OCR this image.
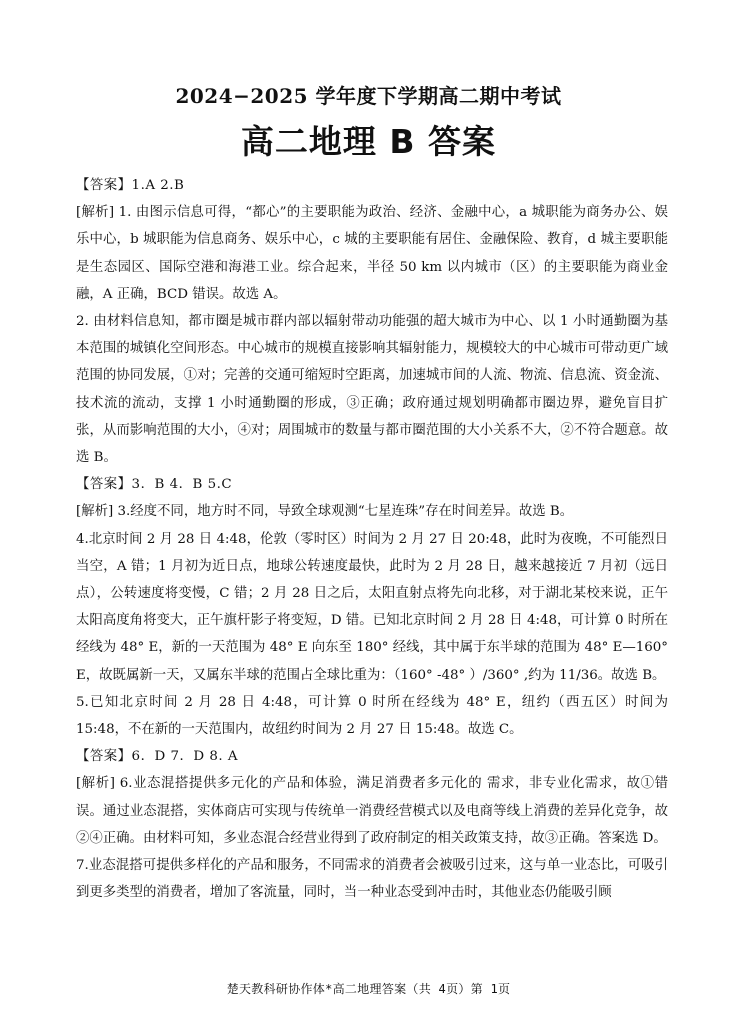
2024−2025 学年度下学期高二期中考试
高二地理 B 答案

【答案】1.A 2.B

[解析] 1. 由图示信息可得，“都心”的主要职能为政治、经济、金融中心，a 城职能为商务办公、娱乐中心，b 城职能为信息商务、娱乐中心，c 城的主要职能有居住、金融保险、教育，d 城主要职能是生态园区、国际空港和海港工业。综合起来，半径 50 km 以内城市（区）的主要职能为商业金融，A 正确，BCD 错误。故选 A。

2. 由材料信息知，都市圈是城市群内部以辐射带动功能强的超大城市为中心、以 1 小时通勤圈为基本范围的城镇化空间形态。中心城市的规模直接影响其辐射能力，规模较大的中心城市可带动更广域范围的协同发展，①对；完善的交通可缩短时空距离，加速城市间的人流、物流、信息流、资金流、技术流的流动，支撑 1 小时通勤圈的形成，③正确；政府通过规划明确都市圈边界，避免盲目扩张，从而影响范围的大小，④对；周围城市的数量与都市圈范围的大小关系不大，②不符合题意。故选 B。

【答案】3．B 4．B 5.C

[解析] 3.经度不同，地方时不同，导致全球观测“七星连珠”存在时间差异。故选 B。

4.北京时间 2 月 28 日 4:48，伦敦（零时区）时间为 2 月 27 日 20:48，此时为夜晚，不可能烈日当空，A 错；1 月初为近日点，地球公转速度最快，此时为 2 月 28 日，越来越接近 7 月初（远日点），公转速度将变慢，C 错；2 月 28 日之后，太阳直射点将先向北移，对于湖北某校来说，正午太阳高度角将变大，正午旗杆影子将变短，D 错。已知北京时间 2 月 28 日 4:48，可计算 0 时所在经线为 48° E，新的一天范围为 48° E 向东至 180° 经线，其中属于东半球的范围为 48° E—160° E，故既属新一天，又属东半球的范围占全球比重为：（160° -48° ）/360° ,约为 11/36。故选 B。

5.已知北京时间 2 月 28 日 4:48，可计算 0 时所在经线为 48° E，纽约（西五区）时间为 15:48，不在新的一天范围内，故纽约时间为 2 月 27 日 15:48。故选 C。

【答案】6．D 7．D 8. A

[解析] 6.业态混搭提供多元化的产品和体验，满足消费者多元化的 需求，非专业化需求，故①错误。通过业态混搭，实体商店可实现与传统单一消费经营模式以及电商等线上消费的差异化竞争，故②④正确。由材料可知，多业态混合经营业得到了政府制定的相关政策支持，故③正确。答案选 D。

7.业态混搭可提供多样化的产品和服务，不同需求的消费者会被吸引过来，这与单一业态比，可吸引到更多类型的消费者，增加了客流量，同时，当一种业态受到冲击时，其他业态仍能吸引顾

楚天教科研协作体*高二地理答案（共 4页）第 1页
